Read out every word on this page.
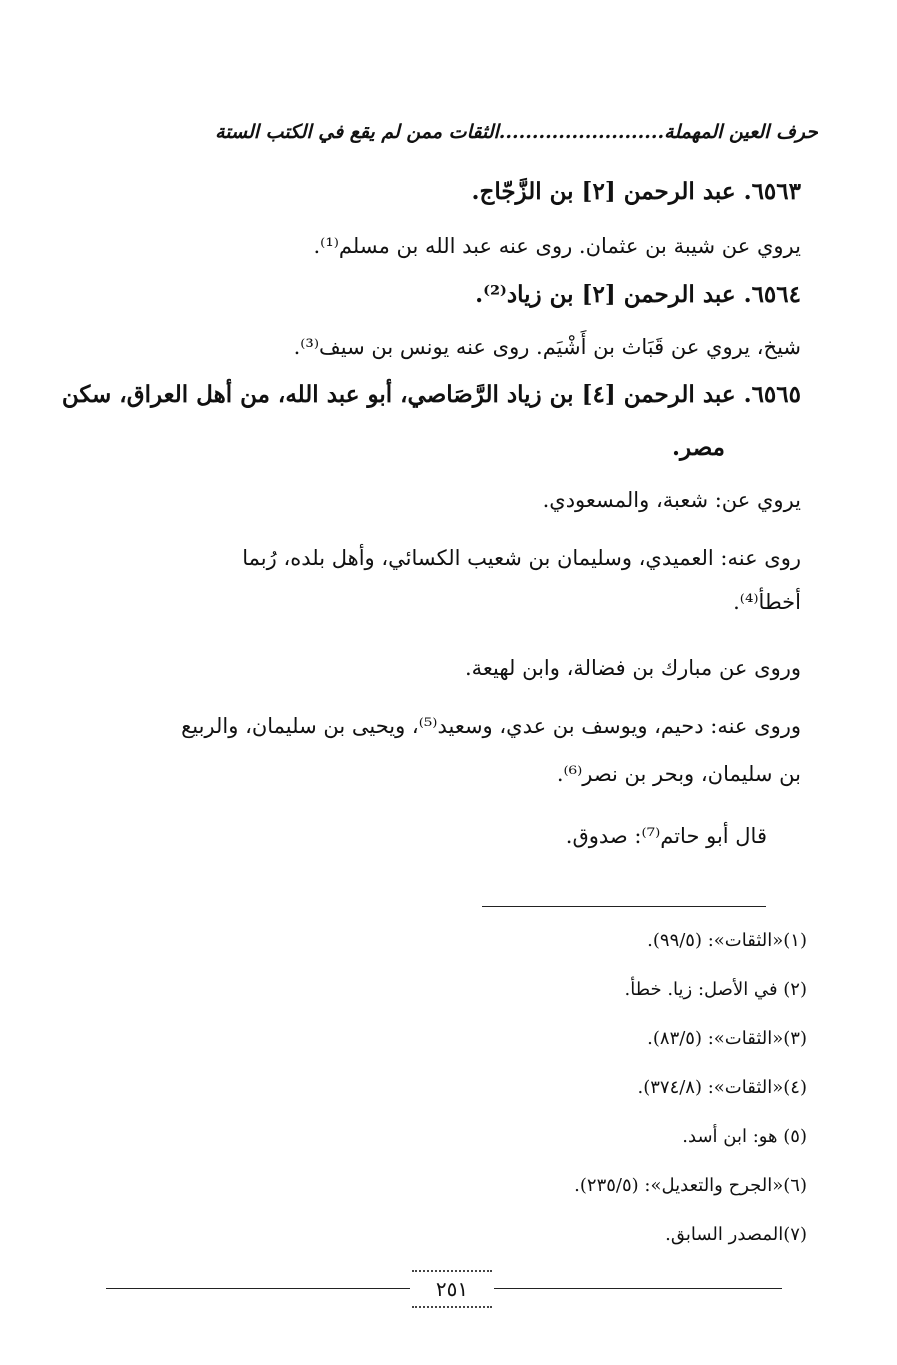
حرف العين المهملة.........................الثقات ممن لم يقع في الكتب الستة
٦٥٦٣. عبد الرحمن [٢] بن الزَّجّاج.
يروي عن شيبة بن عثمان. روى عنه عبد الله بن مسلم⁽¹⁾.
٦٥٦٤. عبد الرحمن [٢] بن زياد⁽²⁾.
شيخ، يروي عن قَبَاث بن أَشْيَم. روى عنه يونس بن سيف⁽³⁾.
٦٥٦٥. عبد الرحمن [٤] بن زياد الرَّصَاصي، أبو عبد الله، من أهل العراق، سكن
مصر.
يروي عن: شعبة، والمسعودي.
روى عنه: العميدي، وسليمان بن شعيب الكسائي، وأهل بلده، رُبما
أخطأ⁽⁴⁾.
وروى عن مبارك بن فضالة، وابن لهيعة.
وروى عنه: دحيم، ويوسف بن عدي، وسعيد⁽⁵⁾، ويحيى بن سليمان، والربيع
بن سليمان، وبحر بن نصر⁽⁶⁾.
قال أبو حاتم⁽⁷⁾: صدوق.
(١)«الثقات»: (٩٩/٥).
(٢) في الأصل: زيا. خطأ.
(٣)«الثقات»: (٨٣/٥).
(٤)«الثقات»: (٣٧٤/٨).
(٥) هو: ابن أسد.
(٦)«الجرح والتعديل»: (٢٣٥/٥).
(٧)المصدر السابق.
٢٥١
